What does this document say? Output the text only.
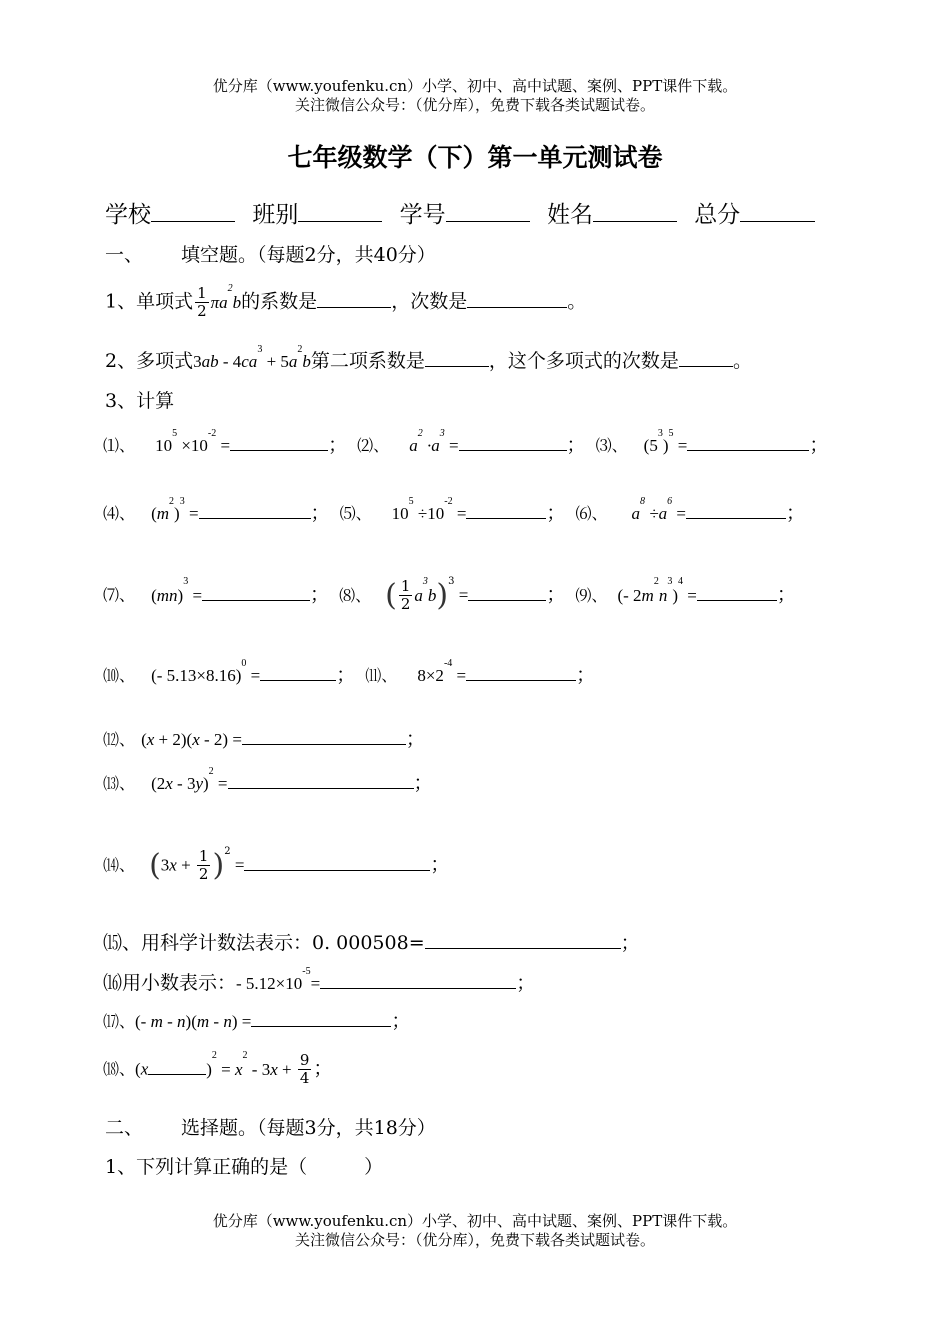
优分库（www.youfenku.cn）小学、初中、高中试题、案例、PPT课件下载。
关注微信公众号：（优分库），免费下载各类试题试卷。
七年级数学（下）第一单元测试卷
学校	班别	学号	姓名	总分
一、 填空题。（每题2分，共40分）
1、单项式 $\frac{1}{2} \pi a^2b$的系数是	，次数是	。
2、多项式$3ab - 4ca^3 + 5a^2b$第二项系数是	，这个多项式的次数是	。
3、计算
⑴、 $10^5 \times 10^{-2}$ =	； ⑵、 $a^2 \cdot a^3$ =	； ⑶、 $(5^3)^5$ =	；
⑷、 $(m^2)^3$ =	； ⑸、 $10^5 \div 10^{-2}$ =	； ⑹、 $a^8 \div a^6$ =	；
⑺、 (mn)$^3$ =	； ⑻、 ( $\frac{1}{2} a^3b)^3$ =	； ⑼、 (- $2m^2n^3)^4$ =	；
⑽、 (- 5.13×8.16)$^0$ =	； ⑾、 $8\times 2^{-4}$ =	；
⑿、 (x + 2)(x - 2) =	；
⒀、 (2x - 3y)$^2$ =	；
⒁、 $(3x + \frac{1}{2} )^2$ =	；
⒂、用科学计数法表示：0. 000508=	；
⒃用小数表示：- $5.12\times 10^{-5}=$	；
⒄、(- m - n)(m - n) =	；
⒅、(x	)$^2 = x^2 - 3x + \frac{9}{4}$ ；
二、 选择题。（每题3分，共18分）
1、下列计算正确的是（　　　）
优分库（www.youfenku.cn）小学、初中、高中试题、案例、PPT课件下载。
关注微信公众号：（优分库），免费下载各类试题试卷。
